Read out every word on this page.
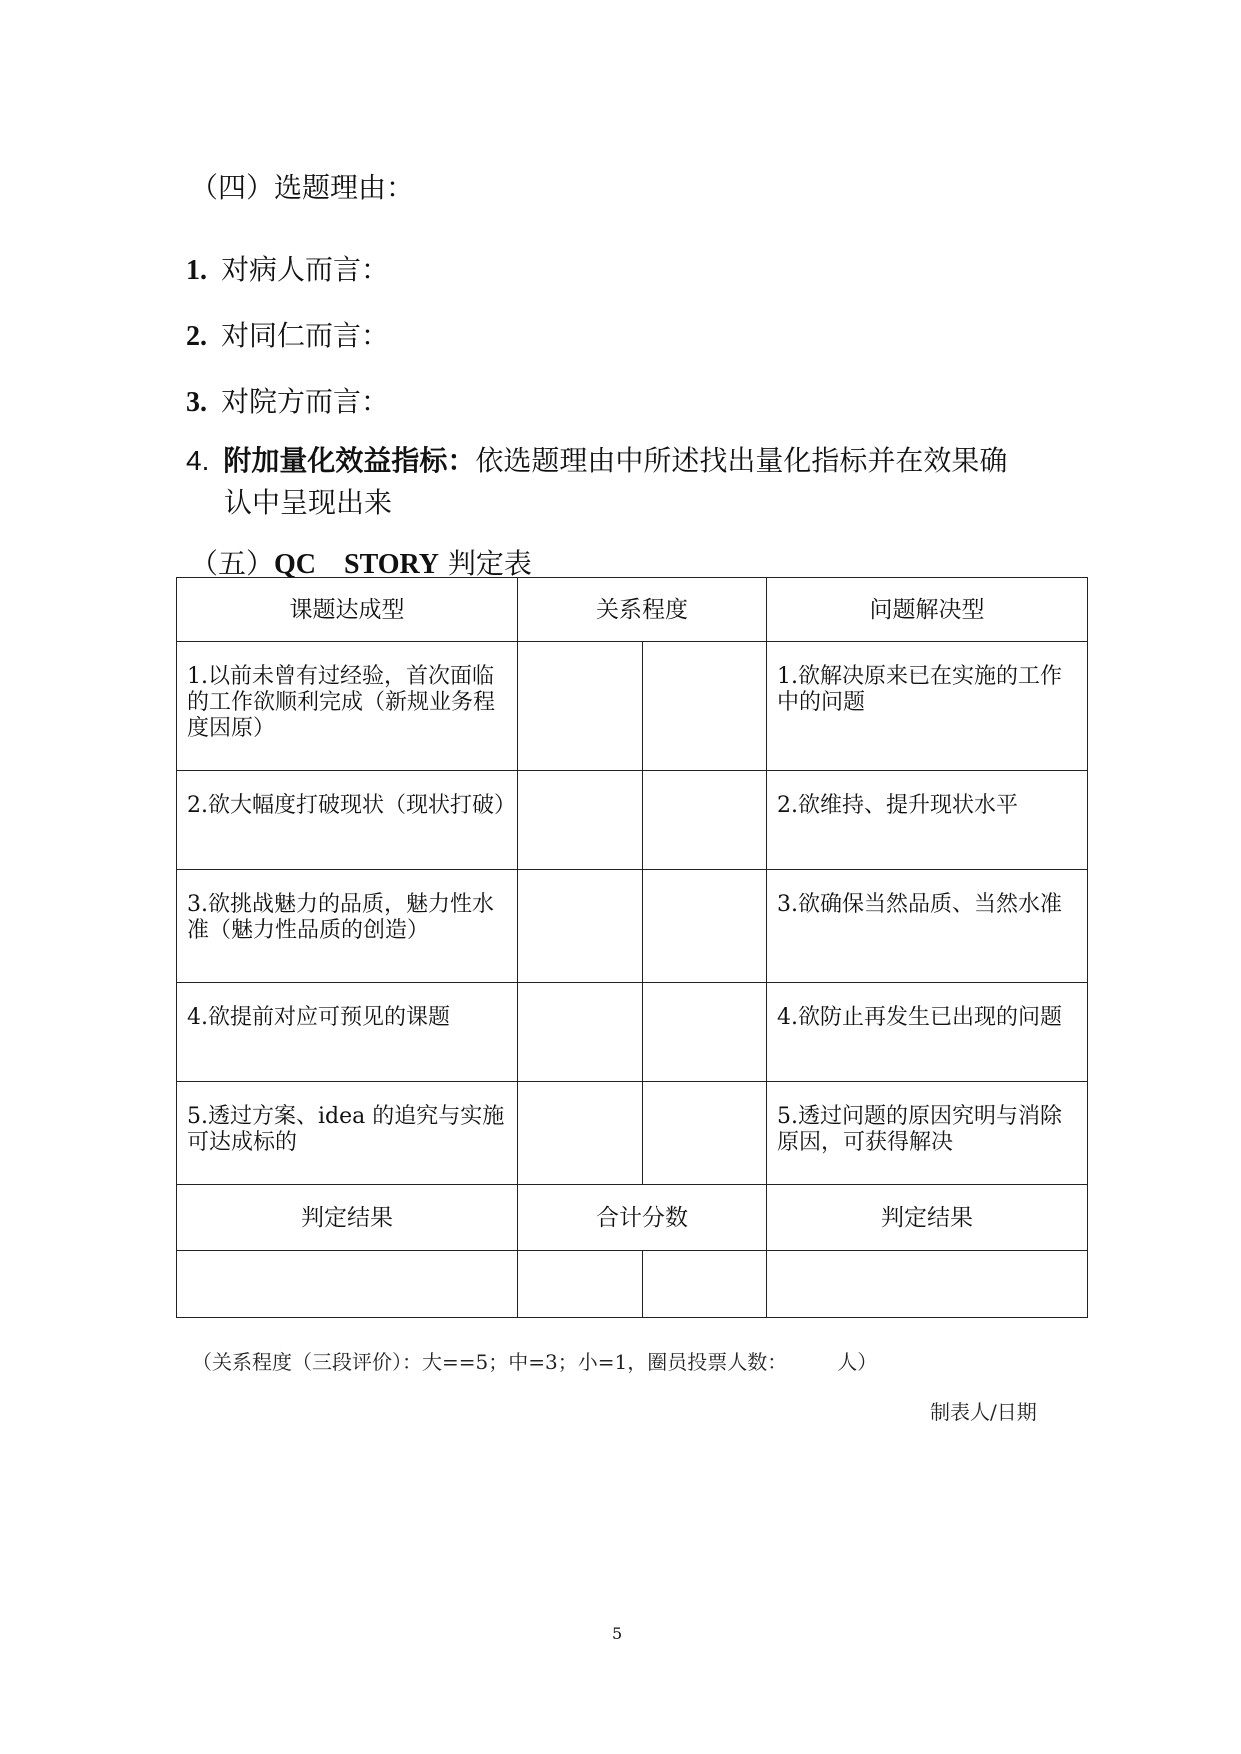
（四）选题理由：
1. 对病人而言：
2. 对同仁而言：
3. 对院方而言：
4. 附加量化效益指标：依选题理由中所述找出量化指标并在效果确
认中呈现出来
（五）QC　STORY 判定表
课题达成型	关系程度		问题解决型
1.以前未曾有过经验，首次面临的工作欲顺利完成（新规业务程度因原）			1.欲解决原来已在实施的工作中的问题
2.欲大幅度打破现状（现状打破）			2.欲维持、提升现状水平
3.欲挑战魅力的品质，魅力性水准（魅力性品质的创造）			3.欲确保当然品质、当然水准
4.欲提前对应可预见的课题			4.欲防止再发生已出现的问题
5.透过方案、idea 的追究与实施可达成标的			5.透过问题的原因究明与消除原因，可获得解决
判定结果	合计分数		判定结果

（关系程度（三段评价）：大==5；中=3；小=1，圈员投票人数：　　　人）
制表人/日期
5
